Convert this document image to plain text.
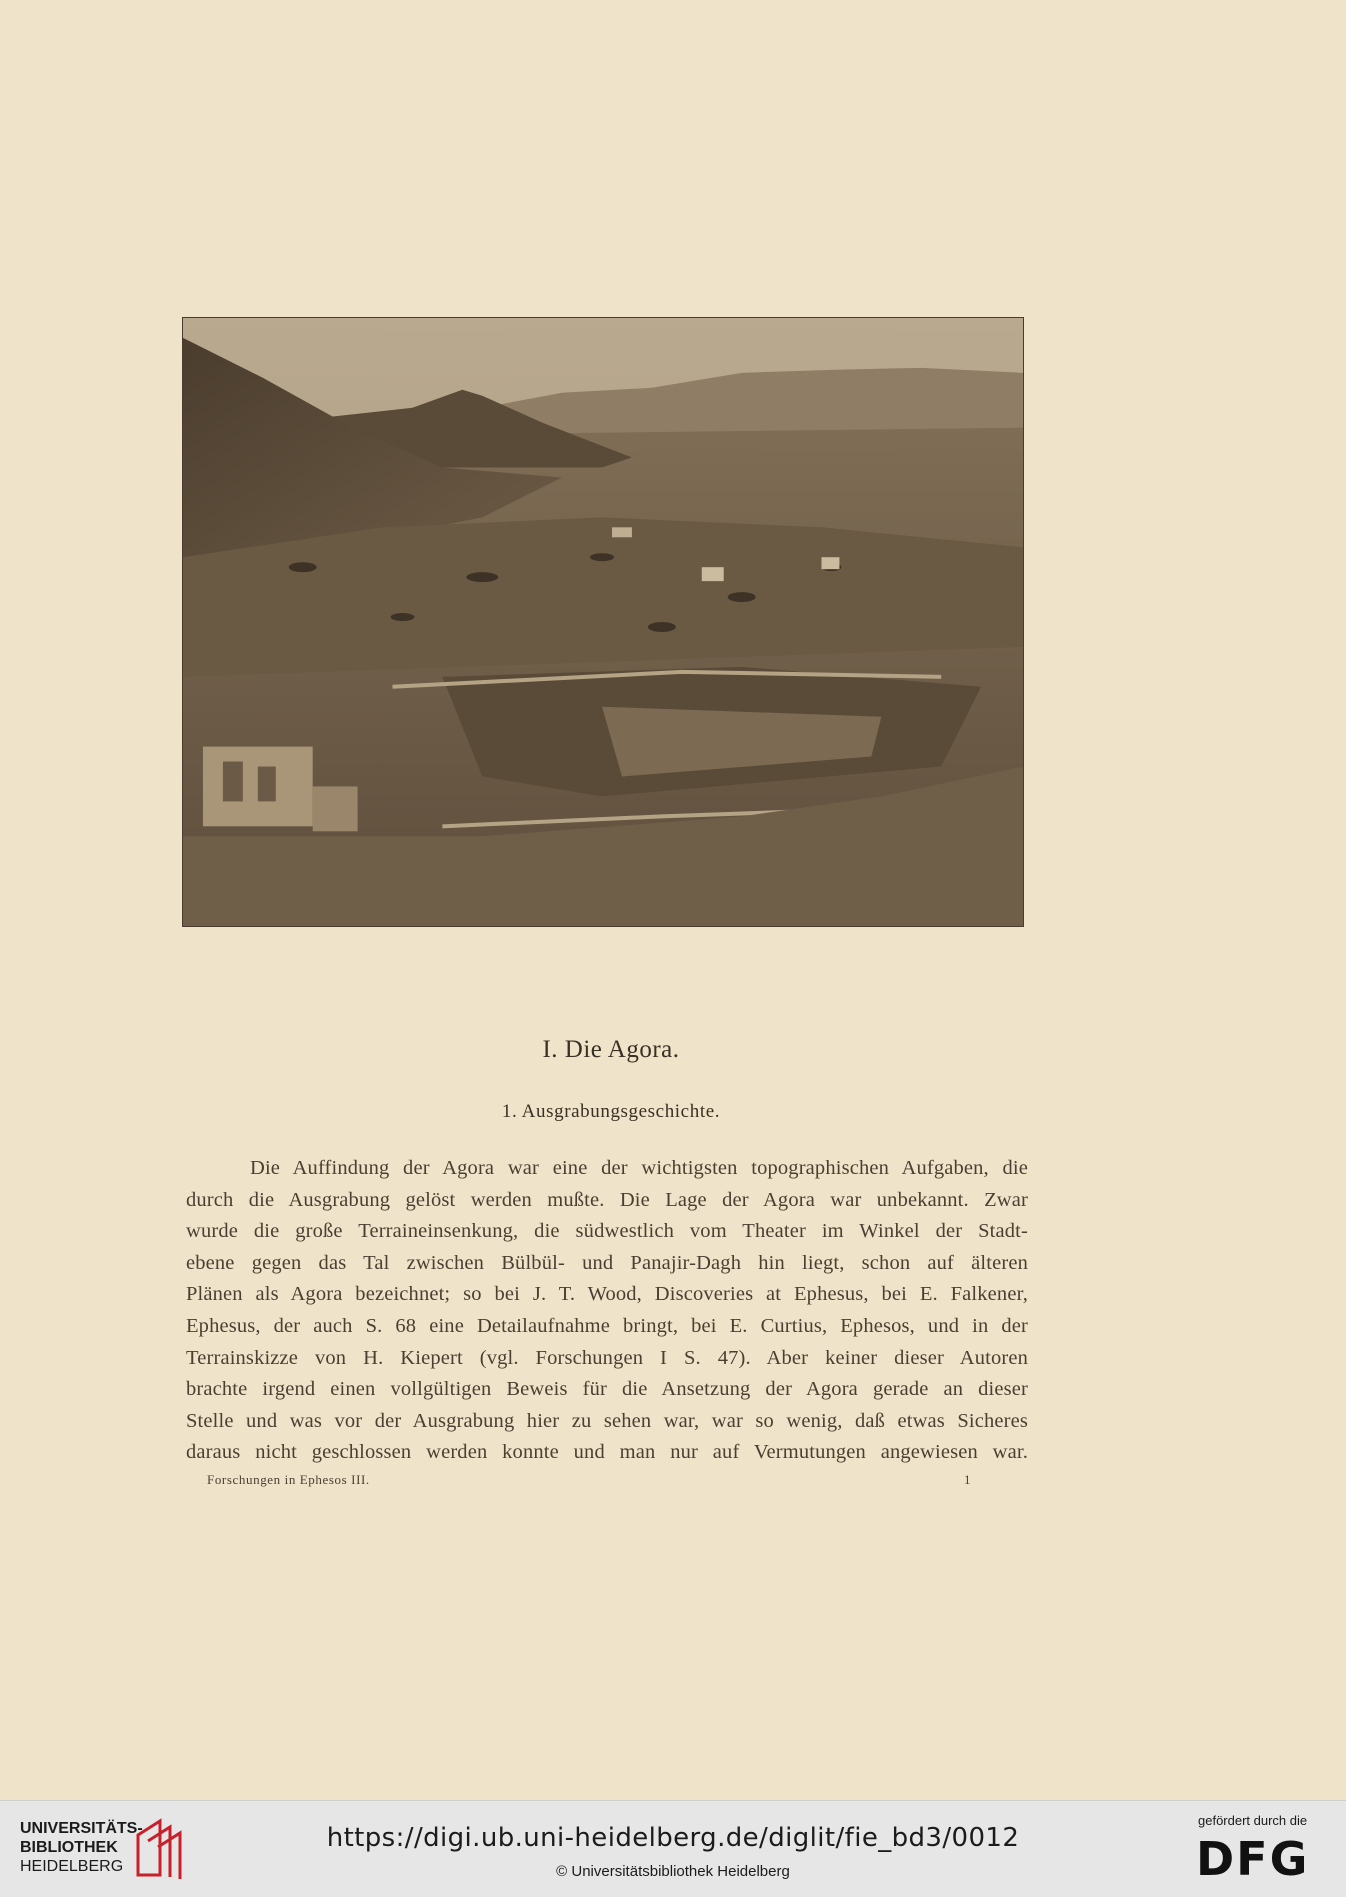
I. Die Agora.
1. Ausgrabungsgeschichte.
Die Auffindung der Agora war eine der wichtigsten topographischen Aufgaben, die
durch die Ausgrabung gelöst werden mußte. Die Lage der Agora war unbekannt. Zwar
wurde die große Terraineinsenkung, die südwestlich vom Theater im Winkel der Stadt-
ebene gegen das Tal zwischen Bülbül- und Panajir-Dagh hin liegt, schon auf älteren
Plänen als Agora bezeichnet; so bei J. T. Wood, Discoveries at Ephesus, bei E. Falkener,
Ephesus, der auch S. 68 eine Detailaufnahme bringt, bei E. Curtius, Ephesos, und in der
Terrainskizze von H. Kiepert (vgl. Forschungen I S. 47). Aber keiner dieser Autoren
brachte irgend einen vollgültigen Beweis für die Ansetzung der Agora gerade an dieser
Stelle und was vor der Ausgrabung hier zu sehen war, war so wenig, daß etwas Sicheres
daraus nicht geschlossen werden konnte und man nur auf Vermutungen angewiesen war.
Forschungen in Ephesos III.	1
UNIVERSITÄTS-
BIBLIOTHEK
HEIDELBERG
https://digi.ub.uni-heidelberg.de/diglit/fie_bd3/0012
© Universitätsbibliothek Heidelberg
gefördert durch die
DFG
